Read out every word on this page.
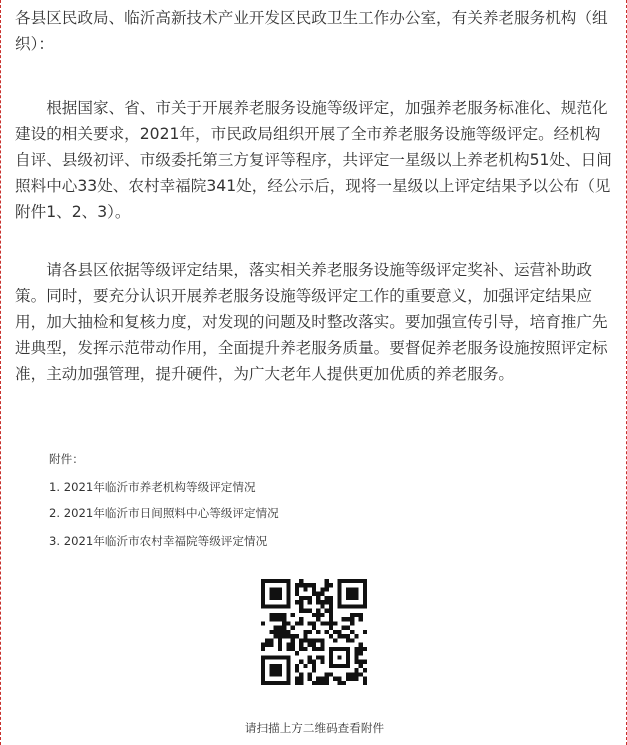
各县区民政局、临沂高新技术产业开发区民政卫生工作办公室，有关养老服务机构（组织）：

根据国家、省、市关于开展养老服务设施等级评定，加强养老服务标准化、规范化建设的相关要求，2021年，市民政局组织开展了全市养老服务设施等级评定。经机构自评、县级初评、市级委托第三方复评等程序，共评定一星级以上养老机构51处、日间照料中心33处、农村幸福院341处，经公示后，现将一星级以上评定结果予以公布（见附件1、2、3）。

请各县区依据等级评定结果，落实相关养老服务设施等级评定奖补、运营补助政策。同时，要充分认识开展养老服务设施等级评定工作的重要意义，加强评定结果应用，加大抽检和复核力度，对发现的问题及时整改落实。要加强宣传引导，培育推广先进典型，发挥示范带动作用，全面提升养老服务质量。要督促养老服务设施按照评定标准，主动加强管理，提升硬件，为广大老年人提供更加优质的养老服务。

附件：
1. 2021年临沂市养老机构等级评定情况
2. 2021年临沂市日间照料中心等级评定情况
3. 2021年临沂市农村幸福院等级评定情况
请扫描上方二维码查看附件
